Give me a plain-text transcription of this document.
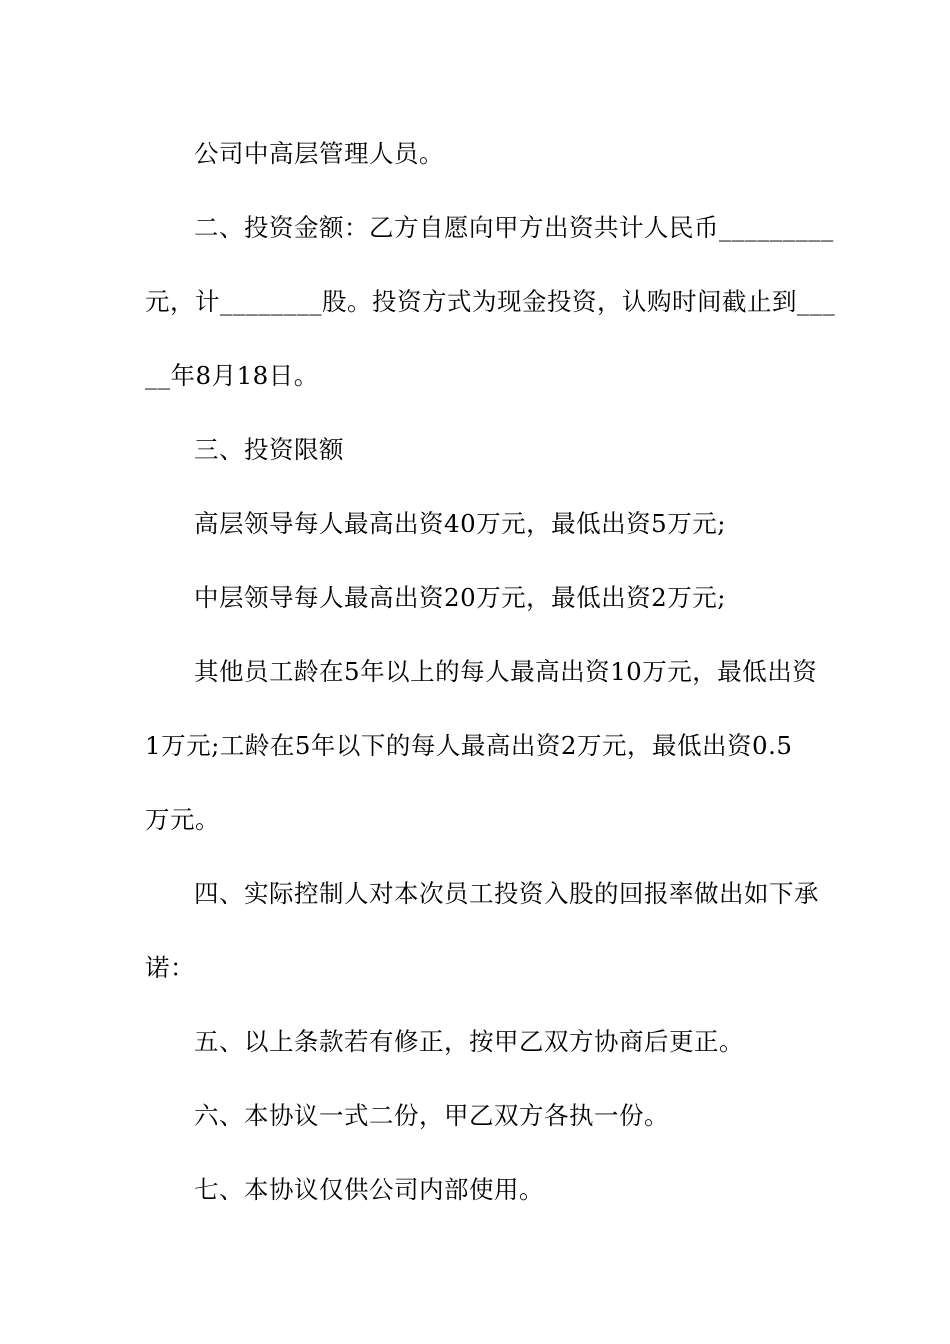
公司中高层管理人员。
二、投资金额：乙方自愿向甲方出资共计人民币_________
元，计________股。投资方式为现金投资，认购时间截止到___
__年8月18日。
三、投资限额
高层领导每人最高出资40万元，最低出资5万元;
中层领导每人最高出资20万元，最低出资2万元;
其他员工龄在5年以上的每人最高出资10万元，最低出资
1万元;工龄在5年以下的每人最高出资2万元，最低出资0.5
万元。
四、实际控制人对本次员工投资入股的回报率做出如下承
诺：
五、以上条款若有修正，按甲乙双方协商后更正。
六、本协议一式二份，甲乙双方各执一份。
七、本协议仅供公司内部使用。
